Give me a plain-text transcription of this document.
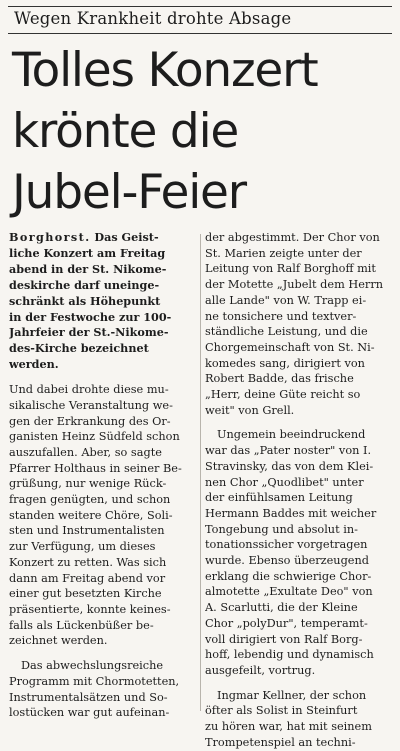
Wegen Krankheit drohte Absage
Tolles Konzert
krönte die
Jubel-Feier
Borghorst. Das Geist-
liche Konzert am Freitag
abend in der St. Nikome-
deskirche darf uneinge-
schränkt als Höhepunkt
in der Festwoche zur 100-
Jahrfeier der St.-Nikome-
des-Kirche bezeichnet
werden.
Und dabei drohte diese mu-
sikalische Veranstaltung we-
gen der Erkrankung des Or-
ganisten Heinz Südfeld schon
auszufallen. Aber, so sagte
Pfarrer Holthaus in seiner Be-
grüßung, nur wenige Rück-
fragen genügten, und schon
standen weitere Chöre, Soli-
sten und Instrumentalisten
zur Verfügung, um dieses
Konzert zu retten. Was sich
dann am Freitag abend vor
einer gut besetzten Kirche
präsentierte, konnte keines-
falls als Lückenbüßer be-
zeichnet werden.
Das abwechslungsreiche
Programm mit Chormotetten,
Instrumentalsätzen und So-
lostücken war gut aufeinan-
der abgestimmt. Der Chor von
St. Marien zeigte unter der
Leitung von Ralf Borghoff mit
der Motette „Jubelt dem Herrn
alle Lande" von W. Trapp ei-
ne tonsichere und textver-
ständliche Leistung, und die
Chorgemeinschaft von St. Ni-
komedes sang, dirigiert von
Robert Badde, das frische
„Herr, deine Güte reicht so
weit" von Grell.
Ungemein beeindruckend
war das „Pater noster" von I.
Stravinsky, das von dem Klei-
nen Chor „Quodlibet" unter
der einfühlsamen Leitung
Hermann Baddes mit weicher
Tongebung und absolut in-
tonationssicher vorgetragen
wurde. Ebenso überzeugend
erklang die schwierige Chor-
almotette „Exultate Deo" von
A. Scarlutti, die der Kleine
Chor „polyDur", temperamt-
voll dirigiert von Ralf Borg-
hoff, lebendig und dynamisch
ausgefeilt, vortrug.
Ingmar Kellner, der schon
öfter als Solist in Steinfurt
zu hören war, hat mit seinem
Trompetenspiel an techni-
